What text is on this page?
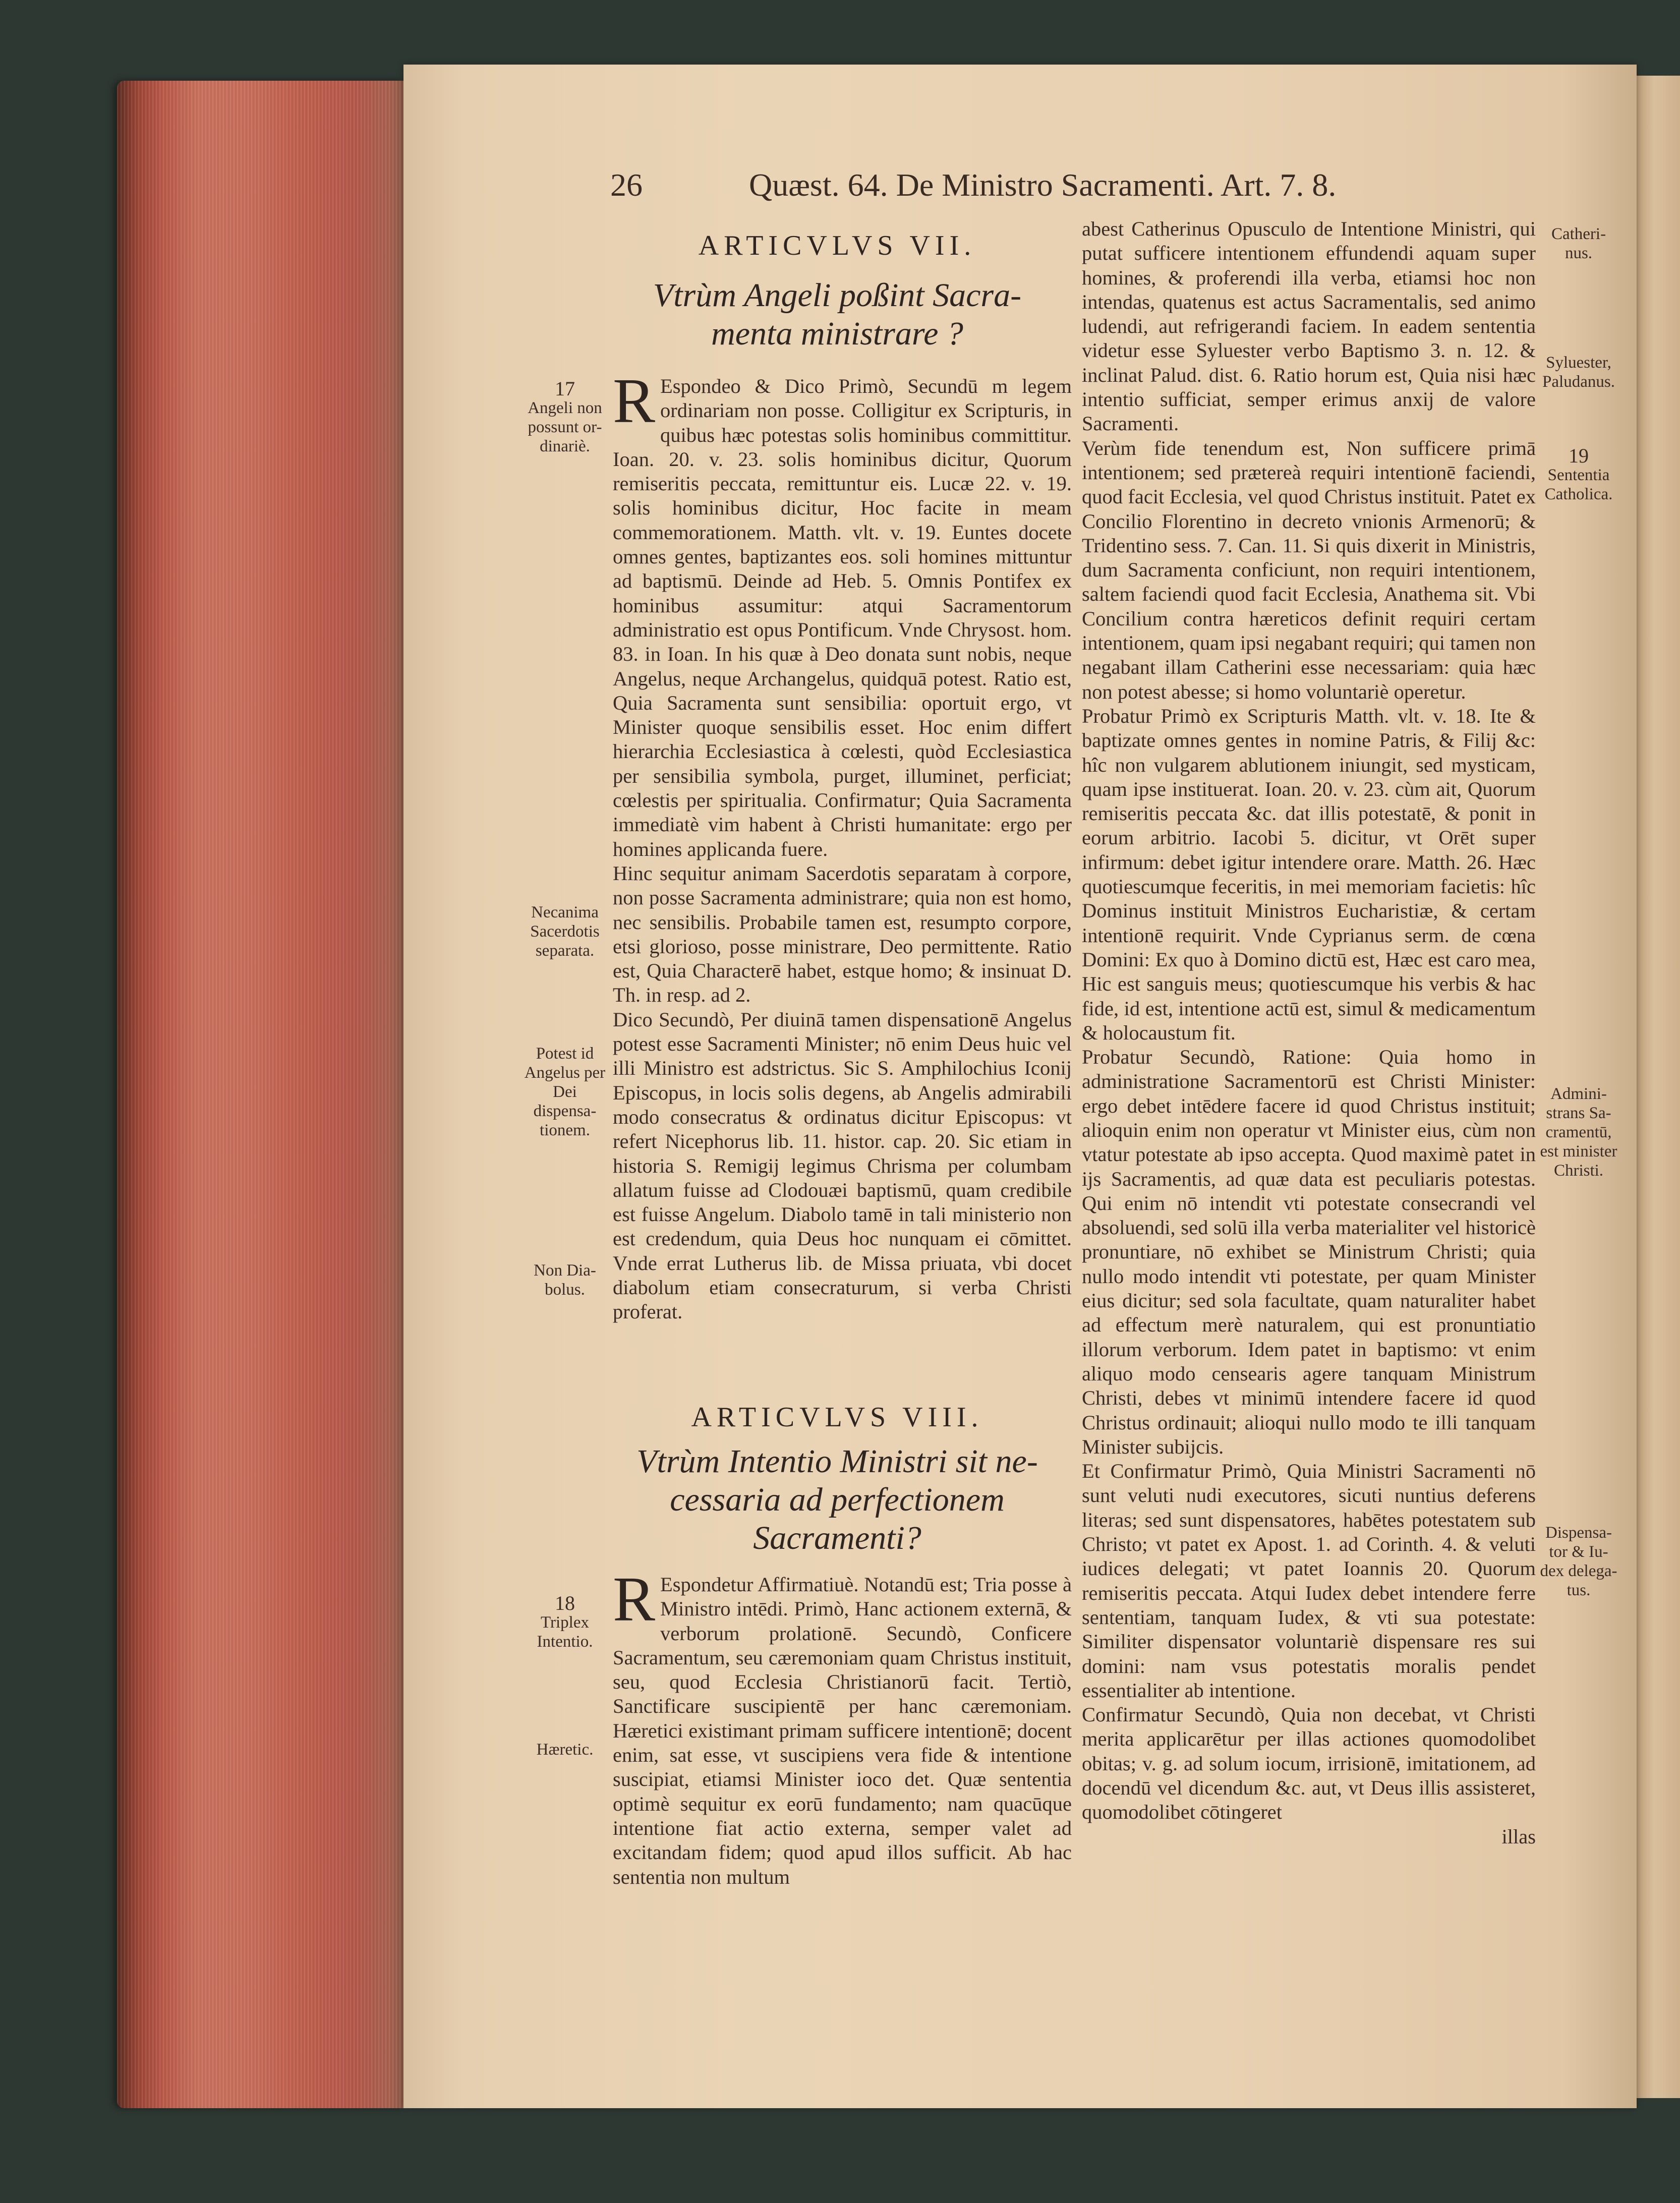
26	Quæst. 64. De Ministro Sacramenti. Art. 7. 8.
ARTICVLVS VII.
Vtrùm Angeli poßint Sacra-
menta ministrare ?
17
Angeli non possunt or-dinariè.
Necanima Sacerdotis separata.
Potest id Angelus per Dei dispensa-tionem.
Non Dia-bolus.
18
Triplex Intentio.
Hæretic.
R Espondeo & Dico Primò, Secundū m legem ordinariam non posse. Colligitur ex Scripturis, in quibus hæc potestas solis hominibus committitur. Ioan. 20. v. 23. solis hominibus dicitur, Quorum remiseritis peccata, remittuntur eis. Lucæ 22. v. 19. solis hominibus dicitur, Hoc facite in meam commemorationem. Matth. vlt. v. 19. Euntes docete omnes gentes, baptizantes eos. soli homines mittuntur ad baptismū. Deinde ad Heb. 5. Omnis Pontifex ex hominibus assumitur: atqui Sacramentorum administratio est opus Pontificum. Vnde Chrysost. hom. 83. in Ioan. In his quæ à Deo donata sunt nobis, neque Angelus, neque Archangelus, quidquā potest. Ratio est, Quia Sacramenta sunt sensibilia: oportuit ergo, vt Minister quoque sensibilis esset. Hoc enim differt hierarchia Ecclesiastica à cœlesti, quòd Ecclesiastica per sensibilia symbola, purget, illuminet, perficiat; cœlestis per spiritualia. Confirmatur; Quia Sacramenta immediatè vim habent à Christi humanitate: ergo per homines applicanda fuere.

Hinc sequitur animam Sacerdotis separatam à corpore, non posse Sacramenta administrare; quia non est homo, nec sensibilis. Probabile tamen est, resumpto corpore, etsi glorioso, posse ministrare, Deo permittente. Ratio est, Quia Characterē habet, estque homo; & insinuat D. Th. in resp. ad 2.

Dico Secundò, Per diuinā tamen dispensationē Angelus potest esse Sacramenti Minister; nō enim Deus huic vel illi Ministro est adstrictus. Sic S. Amphilochius Iconij Episcopus, in locis solis degens, ab Angelis admirabili modo consecratus & ordinatus dicitur Episcopus: vt refert Nicephorus lib. 11. histor. cap. 20. Sic etiam in historia S. Remigij legimus Chrisma per columbam allatum fuisse ad Clodouæi baptismū, quam credibile est fuisse Angelum. Diabolo tamē in tali ministerio non est credendum, quia Deus hoc nunquam ei cōmittet. Vnde errat Lutherus lib. de Missa priuata, vbi docet diabolum etiam consecraturum, si verba Christi proferat.

ARTICVLVS VIII.
Vtrùm Intentio Ministri sit ne-
cessaria ad perfectionem
Sacramenti?
R Espondetur Affirmatiuè. Notandū est; Tria posse à Ministro intēdi. Primò, Hanc actionem externā, & verborum prolationē. Secundò, Conficere Sacramentum, seu cæremoniam quam Christus instituit, seu, quod Ecclesia Christianorū facit. Tertiò, Sanctificare suscipientē per hanc cæremoniam. Hæretici existimant primam sufficere intentionē; docent enim, sat esse, vt suscipiens vera fide & intentione suscipiat, etiamsi Minister ioco det. Quæ sententia optimè sequitur ex eorū fundamento; nam quacūque intentione fiat actio externa, semper valet ad excitandam fidem; quod apud illos sufficit. Ab hac sententia non multum

abest Catherinus Opusculo de Intentione Ministri, qui putat sufficere intentionem effundendi aquam super homines, & proferendi illa verba, etiamsi hoc non intendas, quatenus est actus Sacramentalis, sed animo ludendi, aut refrigerandi faciem. In eadem sententia videtur esse Syluester verbo Baptismo 3. n. 12. & inclinat Palud. dist. 6. Ratio horum est, Quia nisi hæc intentio sufficiat, semper erimus anxij de valore Sacramenti.

Verùm fide tenendum est, Non sufficere primā intentionem; sed prætereà requiri intentionē faciendi, quod facit Ecclesia, vel quod Christus instituit. Patet ex Concilio Florentino in decreto vnionis Armenorū; & Tridentino sess. 7. Can. 11. Si quis dixerit in Ministris, dum Sacramenta conficiunt, non requiri intentionem, saltem faciendi quod facit Ecclesia, Anathema sit. Vbi Concilium contra hæreticos definit requiri certam intentionem, quam ipsi negabant requiri; qui tamen non negabant illam Catherini esse necessariam: quia hæc non potest abesse; si homo voluntariè operetur.

Probatur Primò ex Scripturis Matth. vlt. v. 18. Ite & baptizate omnes gentes in nomine Patris, & Filij &c: hîc non vulgarem ablutionem iniungit, sed mysticam, quam ipse instituerat. Ioan. 20. v. 23. cùm ait, Quorum remiseritis peccata &c. dat illis potestatē, & ponit in eorum arbitrio. Iacobi 5. dicitur, vt Orēt super infirmum: debet igitur intendere orare. Matth. 26. Hæc quotiescumque feceritis, in mei memoriam facietis: hîc Dominus instituit Ministros Eucharistiæ, & certam intentionē requirit. Vnde Cyprianus serm. de cœna Domini: Ex quo à Domino dictū est, Hæc est caro mea, Hic est sanguis meus; quotiescumque his verbis & hac fide, id est, intentione actū est, simul & medicamentum & holocaustum fit.

Probatur Secundò, Ratione: Quia homo in administratione Sacramentorū est Christi Minister: ergo debet intēdere facere id quod Christus instituit; alioquin enim non operatur vt Minister eius, cùm non vtatur potestate ab ipso accepta. Quod maximè patet in ijs Sacramentis, ad quæ data est peculiaris potestas. Qui enim nō intendit vti potestate consecrandi vel absoluendi, sed solū illa verba materialiter vel historicè pronuntiare, nō exhibet se Ministrum Christi; quia nullo modo intendit vti potestate, per quam Minister eius dicitur; sed sola facultate, quam naturaliter habet ad effectum merè naturalem, qui est pronuntiatio illorum verborum. Idem patet in baptismo: vt enim aliquo modo censearis agere tanquam Ministrum Christi, debes vt minimū intendere facere id quod Christus ordinauit; alioqui nullo modo te illi tanquam Minister subijcis.

Et Confirmatur Primò, Quia Ministri Sacramenti nō sunt veluti nudi executores, sicuti nuntius deferens literas; sed sunt dispensatores, habētes potestatem sub Christo; vt patet ex Apost. 1. ad Corinth. 4. & veluti iudices delegati; vt patet Ioannis 20. Quorum remiseritis peccata. Atqui Iudex debet intendere ferre sententiam, tanquam Iudex, & vti sua potestate: Similiter dispensator voluntariè dispensare res sui domini: nam vsus potestatis moralis pendet essentialiter ab intentione.

Confirmatur Secundò, Quia non decebat, vt Christi merita applicarētur per illas actiones quomodolibet obitas; v. g. ad solum iocum, irrisionē, imitationem, ad docendū vel dicendum &c. aut, vt Deus illis assisteret, quomodolibet cōtingeret

illas
Catheri-nus.
Syluester, Paludanus.
19
Sententia Catholica.
Admini-strans Sa-cramentū, est minister Christi.
Dispensa-tor & Iu-dex delega-tus.
